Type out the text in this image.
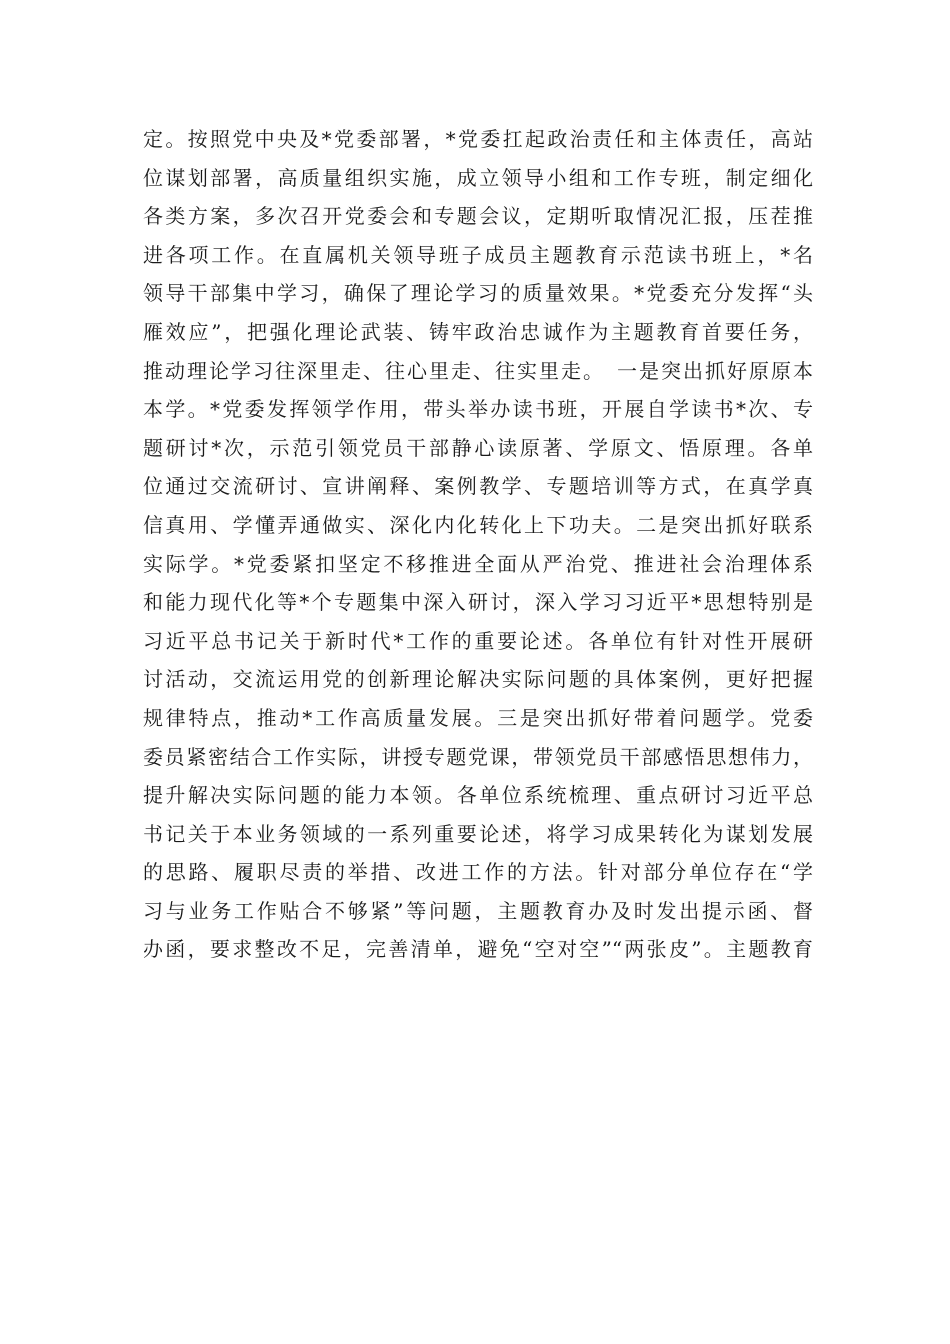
定。按照党中央及*党委部署，*党委扛起政治责任和主体责任，高站
位谋划部署，高质量组织实施，成立领导小组和工作专班，制定细化
各类方案，多次召开党委会和专题会议，定期听取情况汇报，压茬推
进各项工作。在直属机关领导班子成员主题教育示范读书班上，*名
领导干部集中学习，确保了理论学习的质量效果。*党委充分发挥“头
雁效应”，把强化理论武装、铸牢政治忠诚作为主题教育首要任务，
推动理论学习往深里走、往心里走、往实里走。　一是突出抓好原原本
本学。*党委发挥领学作用，带头举办读书班，开展自学读书*次、专
题研讨*次，示范引领党员干部静心读原著、学原文、悟原理。各单
位通过交流研讨、宣讲阐释、案例教学、专题培训等方式，在真学真
信真用、学懂弄通做实、深化内化转化上下功夫。二是突出抓好联系
实际学。*党委紧扣坚定不移推进全面从严治党、推进社会治理体系
和能力现代化等*个专题集中深入研讨，深入学习习近平*思想特别是
习近平总书记关于新时代*工作的重要论述。各单位有针对性开展研
讨活动，交流运用党的创新理论解决实际问题的具体案例，更好把握
规律特点，推动*工作高质量发展。三是突出抓好带着问题学。党委
委员紧密结合工作实际，讲授专题党课，带领党员干部感悟思想伟力，
提升解决实际问题的能力本领。各单位系统梳理、重点研讨习近平总
书记关于本业务领域的一系列重要论述，将学习成果转化为谋划发展
的思路、履职尽责的举措、改进工作的方法。针对部分单位存在“学
习与业务工作贴合不够紧”等问题，主题教育办及时发出提示函、督
办函，要求整改不足，完善清单，避免“空对空”“两张皮”。主题教育
